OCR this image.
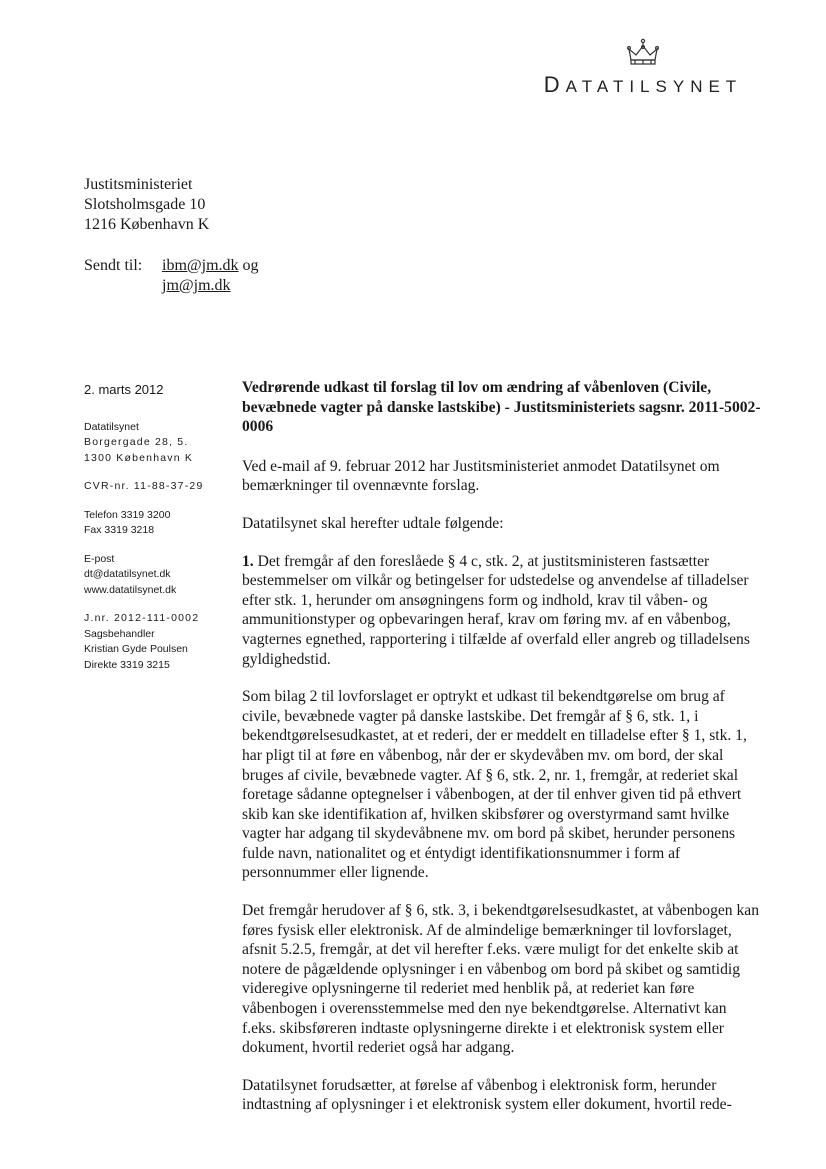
DATATILSYNET
Justitsministeriet
Slotsholmsgade 10
1216 København K
Sendt til: ibm@jm.dk og
jm@jm.dk
2. marts 2012
Datatilsynet
Borgergade 28, 5.
1300 København K
CVR-nr. 11-88-37-29
Telefon 3319 3200
Fax 3319 3218
E-post
dt@datatilsynet.dk
www.datatilsynet.dk
J.nr. 2012-111-0002
Sagsbehandler
Kristian Gyde Poulsen
Direkte 3319 3215
Vedrørende udkast til forslag til lov om ændring af våbenloven (Civile, bevæbnede vagter på danske lastskibe) - Justitsministeriets sagsnr. 2011-5002-0006

Ved e-mail af 9. februar 2012 har Justitsministeriet anmodet Datatilsynet om bemærkninger til ovennævnte forslag.

Datatilsynet skal herefter udtale følgende:

1. Det fremgår af den foreslåede § 4 c, stk. 2, at justitsministeren fastsætter bestemmelser om vilkår og betingelser for udstedelse og anvendelse af tilladelser efter stk. 1, herunder om ansøgningens form og indhold, krav til våben- og ammunitionstyper og opbevaringen heraf, krav om føring mv. af en våbenbog, vagternes egnethed, rapportering i tilfælde af overfald eller angreb og tilladelsens gyldighedstid.

Som bilag 2 til lovforslaget er optrykt et udkast til bekendtgørelse om brug af civile, bevæbnede vagter på danske lastskibe. Det fremgår af § 6, stk. 1, i bekendtgørelsesudkastet, at et rederi, der er meddelt en tilladelse efter § 1, stk. 1, har pligt til at føre en våbenbog, når der er skydevåben mv. om bord, der skal bruges af civile, bevæbnede vagter. Af § 6, stk. 2, nr. 1, fremgår, at rederiet skal foretage sådanne optegnelser i våbenbogen, at der til enhver given tid på ethvert skib kan ske identifikation af, hvilken skibsfører og overstyrmand samt hvilke vagter har adgang til skydevåbnene mv. om bord på skibet, herunder personens fulde navn, nationalitet og et éntydigt identifikationsnummer i form af personnummer eller lignende.

Det fremgår herudover af § 6, stk. 3, i bekendtgørelsesudkastet, at våbenbogen kan føres fysisk eller elektronisk. Af de almindelige bemærkninger til lovforslaget, afsnit 5.2.5, fremgår, at det vil herefter f.eks. være muligt for det enkelte skib at notere de pågældende oplysninger i en våbenbog om bord på skibet og samtidig videregive oplysningerne til rederiet med henblik på, at rederiet kan føre våbenbogen i overensstemmelse med den nye bekendtgørelse. Alternativt kan f.eks. skibsføreren indtaste oplysningerne direkte i et elektronisk system eller dokument, hvortil rederiet også har adgang.

Datatilsynet forudsætter, at førelse af våbenbog i elektronisk form, herunder indtastning af oplysninger i et elektronisk system eller dokument, hvortil rede-
